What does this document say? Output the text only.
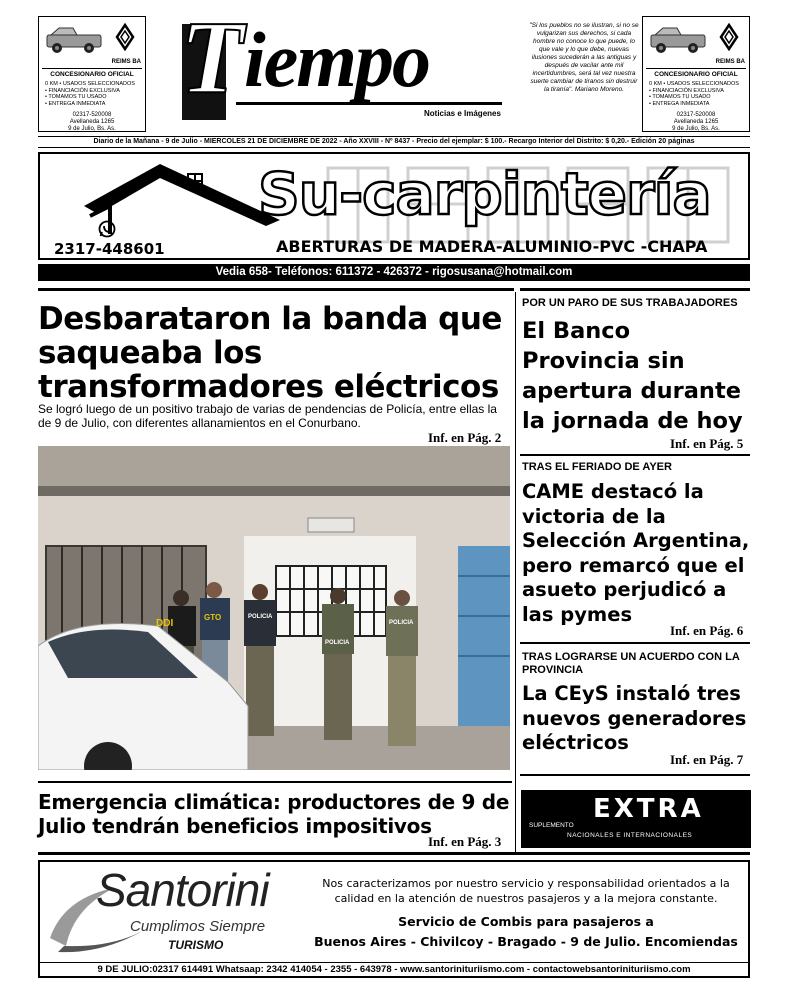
REIMS BA
CONCESIONARIO OFICIAL
0 KM • USADOS SELECCIONADOS
• FINANCIACIÓN EXCLUSIVA
• TOMAMOS TU USADO
• ENTREGA INMEDIATA
02317-520008
Avellaneda 1265
9 de Julio, Bs. As.
REIMS BA
CONCESIONARIO OFICIAL
0 KM • USADOS SELECCIONADOS
• FINANCIACIÓN EXCLUSIVA
• TOMAMOS TU USADO
• ENTREGA INMEDIATA
02317-520008
Avellaneda 1265
9 de Julio, Bs. As.
T iempo
Noticias e Imágenes
"Si los pueblos no se ilustran, si no se vulgarizan sus derechos, si cada hombre no conoce lo que puede, lo que vale y lo que debe, nuevas ilusiones sucederán a las antiguas y después de vacilar ante mil incertidumbres, será tal vez nuestra suerte cambiar de tiranos sin destruir la tiranía". Mariano Moreno.
Diario de la Mañana - 9 de Julio - MIERCOLES 21 DE DICIEMBRE DE 2022 - Año XXVIII - Nº 8437 - Precio del ejemplar: $ 100.- Recargo Interior del Distrito: $ 0,20.- Edición 20 páginas
Su-carpintería
ABERTURAS DE MADERA-ALUMINIO-PVC -CHAPA
2317-448601
Vedia 658- Teléfonos: 611372 - 426372 - rigosusana@hotmail.com
Desbarataron la banda que saqueaba los transformadores eléctricos
Se logró luego de un positivo trabajo de varias de pendencias de Policía, entre ellas la de 9 de Julio, con diferentes allanamientos en el Conurbano.
Inf. en Pág. 2
DDI
GTO	POLICIA
POLICIA
POLICIA
POR UN PARO DE SUS TRABAJADORES
El Banco Provincia sin apertura durante la jornada de hoy
Inf. en Pág. 5
TRAS EL FERIADO DE AYER
CAME destacó la victoria de la Selección Argentina, pero remarcó que el asueto perjudicó a las pymes
Inf. en Pág. 6
TRAS LOGRARSE UN ACUERDO CON LA PROVINCIA
La CEyS instaló tres nuevos generadores eléctricos
Inf. en Pág. 7
EXTRA
SUPLEMENTO
NACIONALES E INTERNACIONALES
Emergencia climática: productores de 9 de Julio tendrán beneficios impositivos
Inf. en Pág. 3
Santorini
Cumplimos Siempre
TURISMO
Nos caracterizamos por nuestro servicio y responsabilidad orientados a la calidad en la atención de nuestros pasajeros y a la mejora constante.
Servicio de Combis para pasajeros a
Buenos Aires - Chivilcoy - Bragado - 9 de Julio. Encomiendas
9 DE JULIO:02317 614491 Whatsaap: 2342 414054 - 2355 - 643978 - www.santorinituriismo.com - contactowebsantorinituriismo.com
